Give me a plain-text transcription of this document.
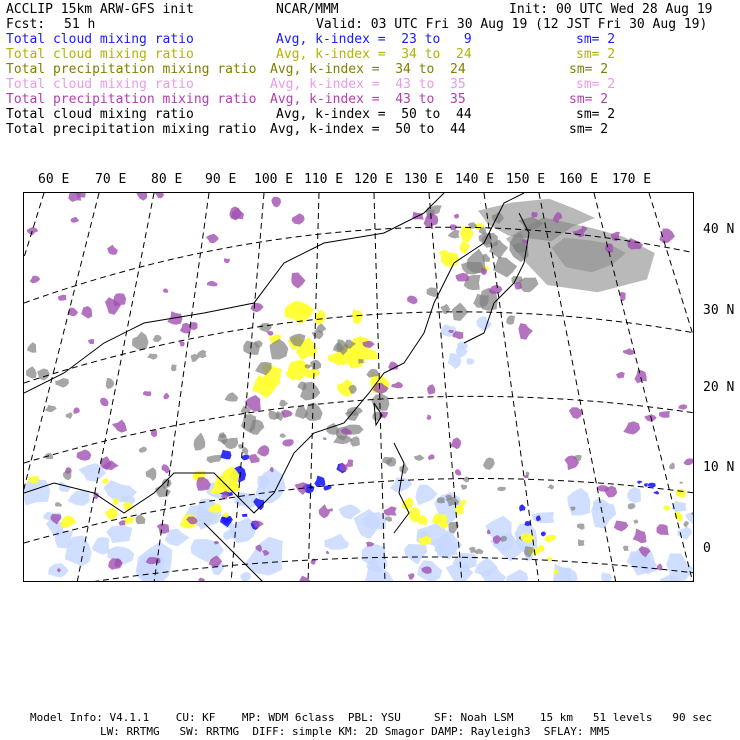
ACCLIP 15km ARW-GFS init	NCAR/MMM	Init: 00 UTC Wed 28 Aug 19
Fcst: 51 h	Valid: 03 UTC Fri 30 Aug 19 (12 JST Fri 30 Aug 19)
Total cloud mixing ratio	Avg, k-index =  23 to   9	sm= 2
Total cloud mixing ratio	Avg, k-index =  34 to  24	sm= 2
Total precipitation mixing ratio Avg, k-index =  34 to  24	sm= 2
Total cloud mixing ratio	Avg, k-index =  43 to  35	sm= 2
Total precipitation mixing ratio Avg, k-index =  43 to  35	sm= 2
Total cloud mixing ratio	Avg, k-index =  50 to  44	sm= 2
Total precipitation mixing ratio Avg, k-index =  50 to  44	sm= 2
60 E 70 E 80 E 90 E 100 E 110 E 120 E 130 E 140 E 150 E 160 E 170 E
40 N
30 N
20 N
10 N
0
Model Info: V4.1.1    CU: KF    MP: WDM 6class  PBL: YSU     SF: Noah LSM    15 km   51 levels   90 sec
LW: RRTMG   SW: RRTMG  DIFF: simple KM: 2D Smagor DAMP: Rayleigh3  SFLAY: MM5
